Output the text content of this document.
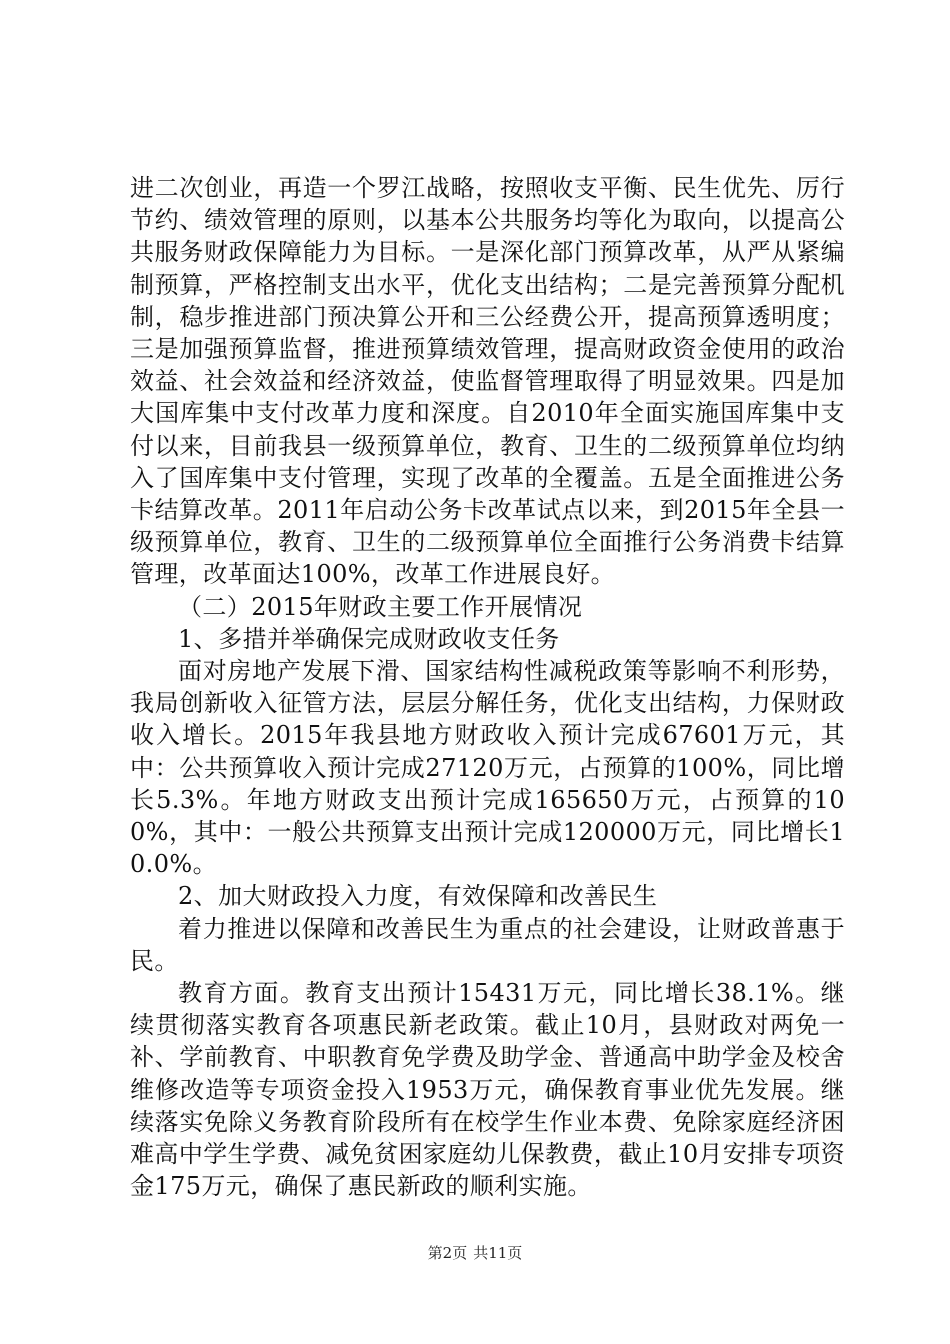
进二次创业，再造一个罗江战略，按照收支平衡、民生优先、厉行节约、绩效管理的原则，以基本公共服务均等化为取向，以提高公共服务财政保障能力为目标。一是深化部门预算改革，从严从紧编制预算，严格控制支出水平，优化支出结构；二是完善预算分配机制，稳步推进部门预决算公开和三公经费公开，提高预算透明度；三是加强预算监督，推进预算绩效管理，提高财政资金使用的政治效益、社会效益和经济效益，使监督管理取得了明显效果。四是加大国库集中支付改革力度和深度。自2010年全面实施国库集中支付以来，目前我县一级预算单位，教育、卫生的二级预算单位均纳入了国库集中支付管理，实现了改革的全覆盖。五是全面推进公务卡结算改革。2011年启动公务卡改革试点以来，到2015年全县一级预算单位，教育、卫生的二级预算单位全面推行公务消费卡结算管理，改革面达100%，改革工作进展良好。

（二）2015年财政主要工作开展情况

1、多措并举确保完成财政收支任务

面对房地产发展下滑、国家结构性减税政策等影响不利形势，我局创新收入征管方法，层层分解任务，优化支出结构，力保财政收入增长。2015年我县地方财政收入预计完成67601万元，其中：公共预算收入预计完成27120万元，占预算的100%，同比增长5.3%。年地方财政支出预计完成165650万元，占预算的100%，其中：一般公共预算支出预计完成120000万元，同比增长10.0%。

2、加大财政投入力度，有效保障和改善民生

着力推进以保障和改善民生为重点的社会建设，让财政普惠于民。

教育方面。教育支出预计15431万元，同比增长38.1%。继续贯彻落实教育各项惠民新老政策。截止10月，县财政对两免一补、学前教育、中职教育免学费及助学金、普通高中助学金及校舍维修改造等专项资金投入1953万元，确保教育事业优先发展。继续落实免除义务教育阶段所有在校学生作业本费、免除家庭经济困难高中学生学费、减免贫困家庭幼儿保教费，截止10月安排专项资金175万元，确保了惠民新政的顺利实施。

第2页 共11页
